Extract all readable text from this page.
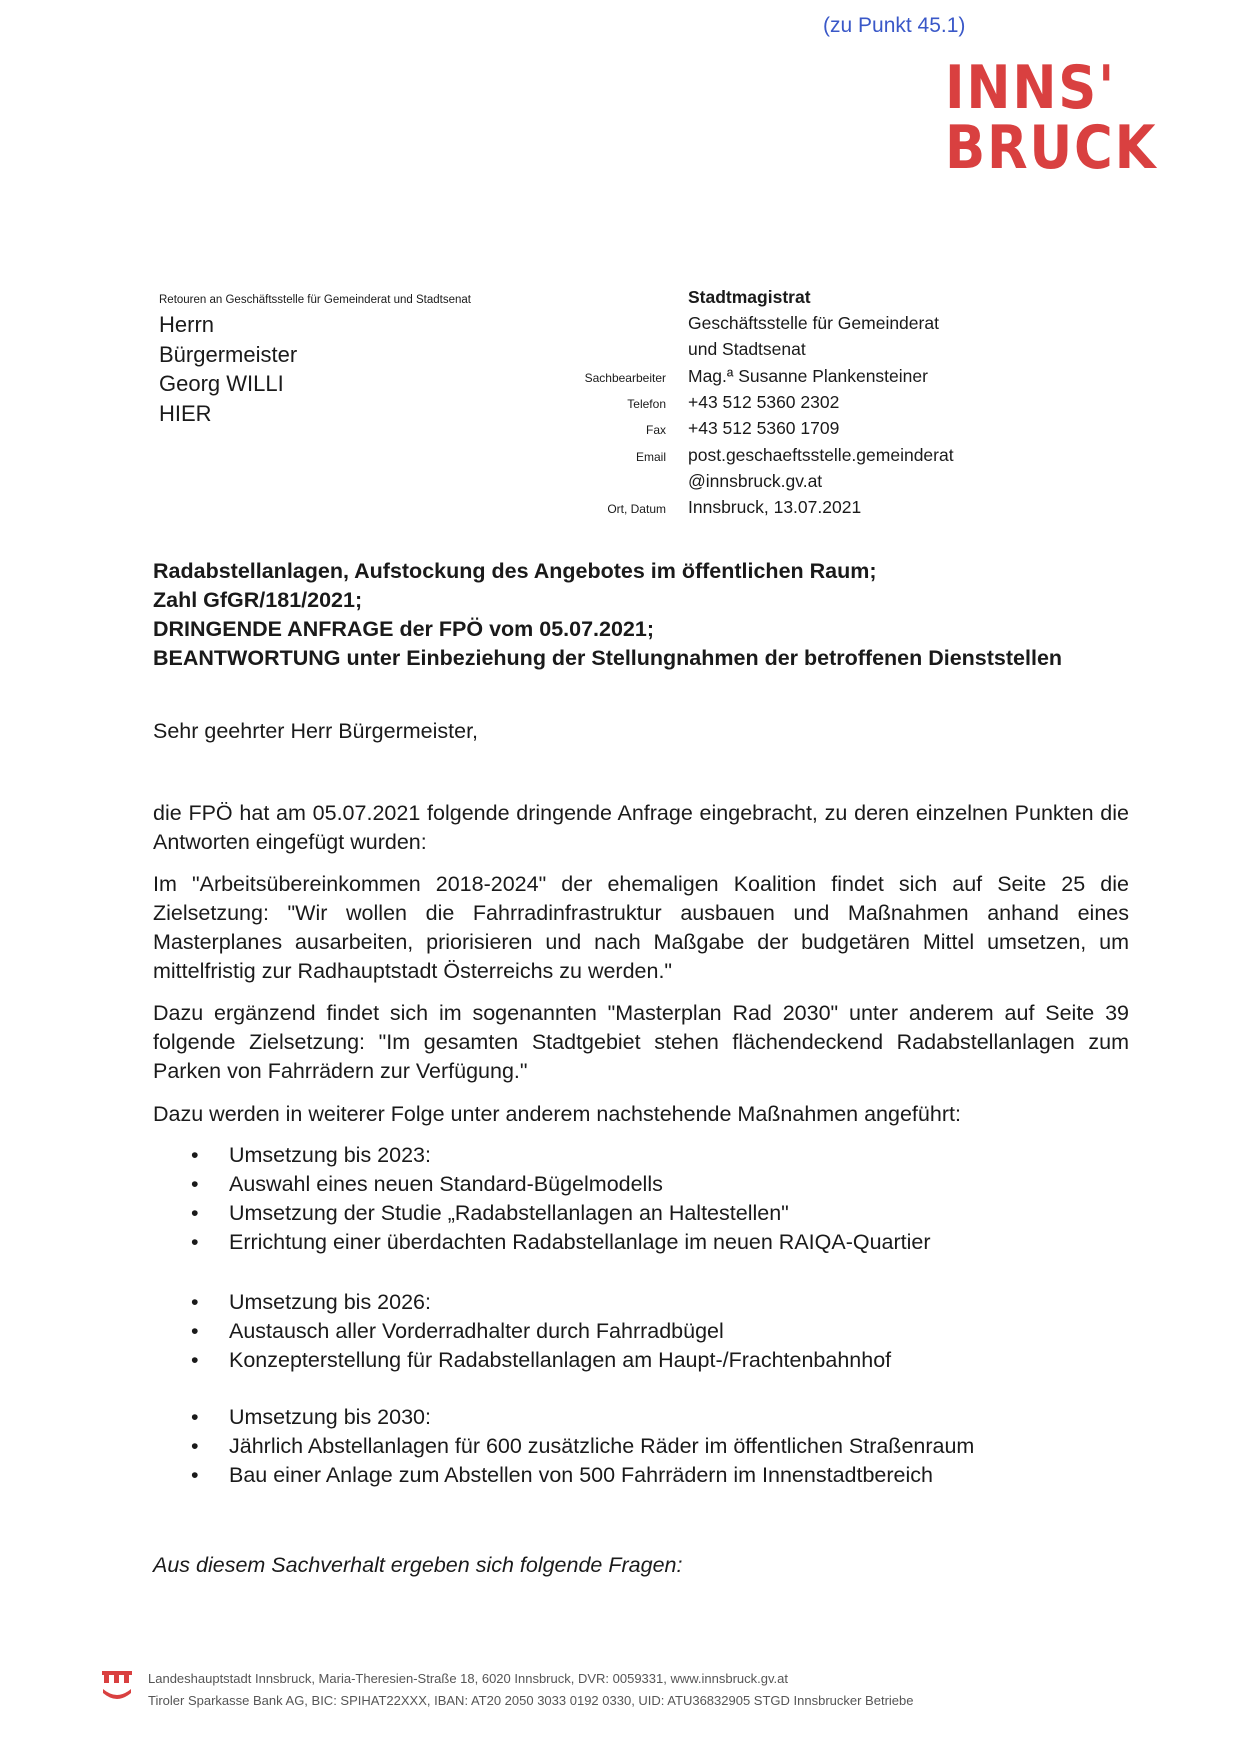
(zu Punkt 45.1)
INNS'
BRUCK
Retouren an Geschäftsstelle für Gemeinderat und Stadtsenat
Herrn
Bürgermeister
Georg WILLI
HIER
Stadtmagistrat
Geschäftsstelle für Gemeinderat
und Stadtsenat
Sachbearbeiter Mag.ª Susanne Plankensteiner
Telefon +43 512 5360 2302
Fax +43 512 5360 1709
Email post.geschaeftsstelle.gemeinderat
@innsbruck.gv.at
Ort, Datum Innsbruck, 13.07.2021
Radabstellanlagen, Aufstockung des Angebotes im öffentlichen Raum;
Zahl GfGR/181/2021;
DRINGENDE ANFRAGE der FPÖ vom 05.07.2021;
BEANTWORTUNG unter Einbeziehung der Stellungnahmen der betroffenen Dienststellen
Sehr geehrter Herr Bürgermeister,
die FPÖ hat am 05.07.2021 folgende dringende Anfrage eingebracht, zu deren einzelnen Punkten die Antworten eingefügt wurden:
Im "Arbeitsübereinkommen 2018-2024" der ehemaligen Koalition findet sich auf Seite 25 die Zielsetzung: "Wir wollen die Fahrradinfrastruktur ausbauen und Maßnahmen anhand eines Masterplanes ausarbeiten, priorisieren und nach Maßgabe der budgetären Mittel umsetzen, um mittelfristig zur Radhauptstadt Österreichs zu werden."
Dazu ergänzend findet sich im sogenannten "Masterplan Rad 2030" unter anderem auf Seite 39 folgende Zielsetzung: "Im gesamten Stadtgebiet stehen flächendeckend Radabstellanlagen zum Parken von Fahrrädern zur Verfügung."
Dazu werden in weiterer Folge unter anderem nachstehende Maßnahmen angeführt:
• Umsetzung bis 2023:
• Auswahl eines neuen Standard-Bügelmodells
• Umsetzung der Studie „Radabstellanlagen an Haltestellen"
• Errichtung einer überdachten Radabstellanlage im neuen RAIQA-Quartier
• Umsetzung bis 2026:
• Austausch aller Vorderradhalter durch Fahrradbügel
• Konzepterstellung für Radabstellanlagen am Haupt-/Frachtenbahnhof
• Umsetzung bis 2030:
• Jährlich Abstellanlagen für 600 zusätzliche Räder im öffentlichen Straßenraum
• Bau einer Anlage zum Abstellen von 500 Fahrrädern im Innenstadtbereich
Aus diesem Sachverhalt ergeben sich folgende Fragen:
Landeshauptstadt Innsbruck, Maria-Theresien-Straße 18, 6020 Innsbruck, DVR: 0059331, www.innsbruck.gv.at
Tiroler Sparkasse Bank AG, BIC: SPIHAT22XXX, IBAN: AT20 2050 3033 0192 0330, UID: ATU36832905 STGD Innsbrucker Betriebe
